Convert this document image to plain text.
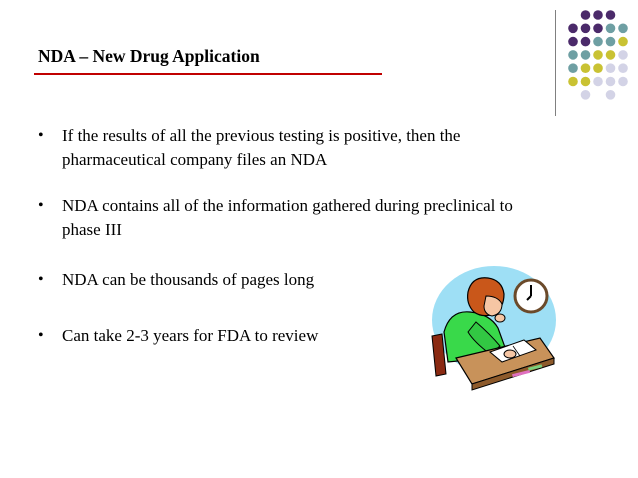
NDA – New Drug Application
• If the results of all the previous testing is positive, then the pharmaceutical company files an NDA
• NDA contains all of the information gathered during preclinical to phase III
• NDA can be thousands of pages long
• Can take 2-3 years for FDA to review
